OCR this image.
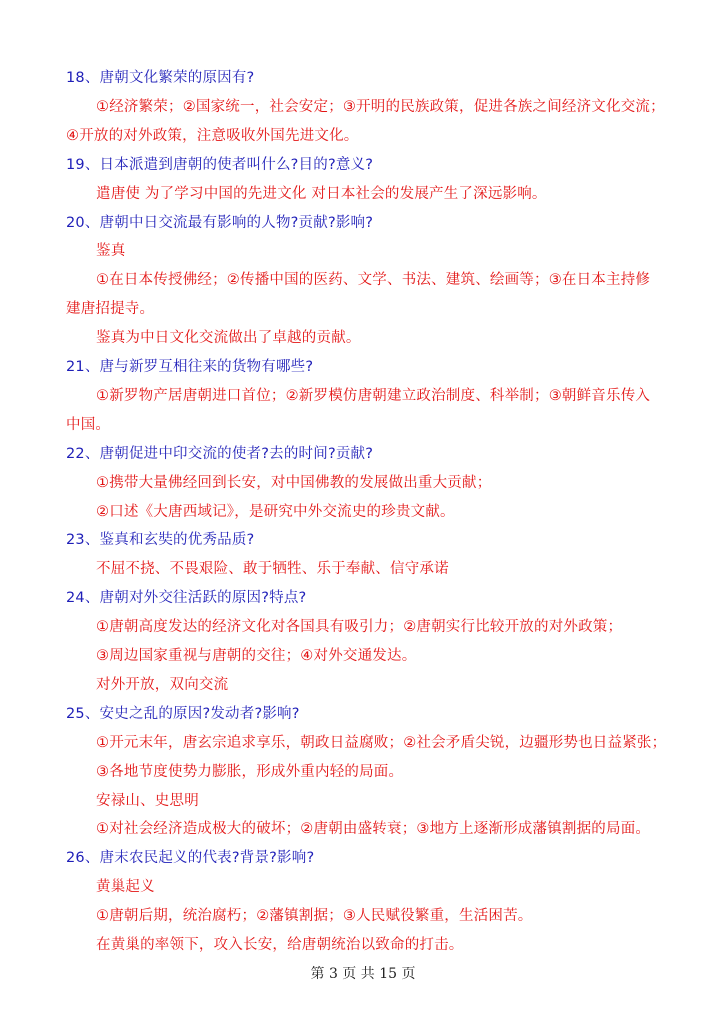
18、唐朝文化繁荣的原因有?
①经济繁荣；②国家统一，社会安定；③开明的民族政策，促进各族之间经济文化交流；
④开放的对外政策，注意吸收外国先进文化。
19、日本派遣到唐朝的使者叫什么?目的?意义?
遣唐使 为了学习中国的先进文化 对日本社会的发展产生了深远影响。
20、唐朝中日交流最有影响的人物?贡献?影响?
鉴真
①在日本传授佛经；②传播中国的医药、文学、书法、建筑、绘画等；③在日本主持修
建唐招提寺。
鉴真为中日文化交流做出了卓越的贡献。
21、唐与新罗互相往来的货物有哪些?
①新罗物产居唐朝进口首位；②新罗模仿唐朝建立政治制度、科举制；③朝鲜音乐传入
中国。
22、唐朝促进中印交流的使者?去的时间?贡献?
①携带大量佛经回到长安，对中国佛教的发展做出重大贡献；
②口述《大唐西域记》，是研究中外交流史的珍贵文献。
23、鉴真和玄奘的优秀品质?
不屈不挠、不畏艰险、敢于牺牲、乐于奉献、信守承诺
24、唐朝对外交往活跃的原因?特点?
①唐朝高度发达的经济文化对各国具有吸引力；②唐朝实行比较开放的对外政策；
③周边国家重视与唐朝的交往；④对外交通发达。
对外开放，双向交流
25、安史之乱的原因?发动者?影响?
①开元末年，唐玄宗追求享乐，朝政日益腐败；②社会矛盾尖锐，边疆形势也日益紧张；
③各地节度使势力膨胀，形成外重内轻的局面。
安禄山、史思明
①对社会经济造成极大的破坏；②唐朝由盛转衰；③地方上逐渐形成藩镇割据的局面。
26、唐末农民起义的代表?背景?影响?
黄巢起义
①唐朝后期，统治腐朽；②藩镇割据；③人民赋役繁重，生活困苦。
在黄巢的率领下，攻入长安，给唐朝统治以致命的打击。
第 3 页 共 15 页
